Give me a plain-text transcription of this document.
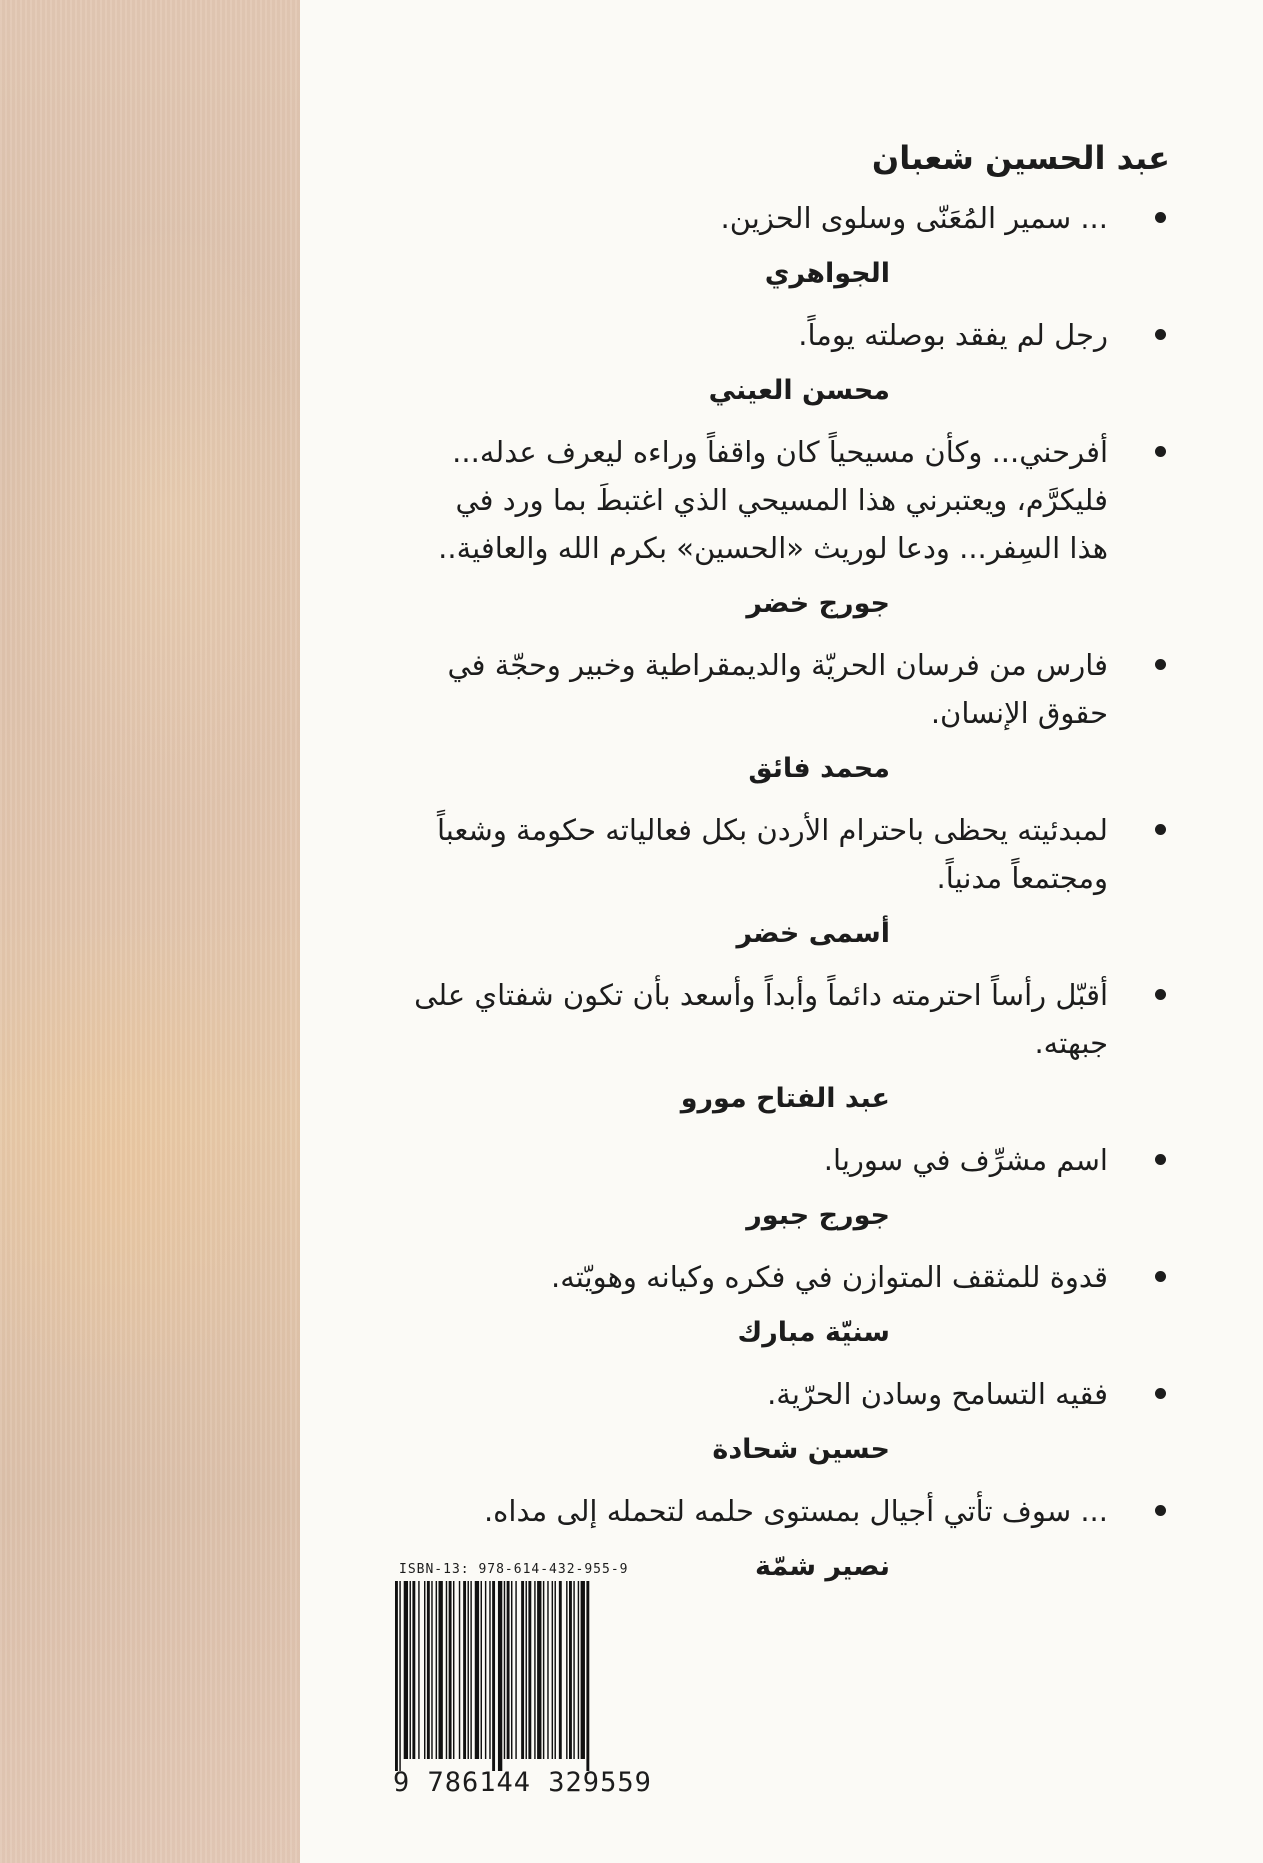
عبد الحسين شعبان

... سمير المُعَنّى وسلوى الحزين.

الجواهري

رجل لم يفقد بوصلته يوماً.

محسن العيني

أفرحني... وكأن مسيحياً كان واقفاً وراءه ليعرف عدله... فليكرَّم، ويعتبرني هذا المسيحي الذي اغتبطَ بما ورد في هذا السِفر... ودعا لوريث «الحسين» بكرم الله والعافية..

جورج خضر

فارس من فرسان الحريّة والديمقراطية وخبير وحجّة في حقوق الإنسان.

محمد فائق

لمبدئيته يحظى باحترام الأردن بكل فعالياته حكومة وشعباً ومجتمعاً مدنياً.

أسمى خضر

أقبّل رأساً احترمته دائماً وأبداً وأسعد بأن تكون شفتاي على جبهته.

عبد الفتاح مورو

اسم مشرِّف في سوريا.

جورج جبور

قدوة للمثقف المتوازن في فكره وكيانه وهويّته.

سنيّة مبارك

فقيه التسامح وسادن الحرّية.

حسين شحادة

... سوف تأتي أجيال بمستوى حلمه لتحمله إلى مداه.

نصير شمّة
ISBN-13: 978-614-432-955-9
9 786144 329559
